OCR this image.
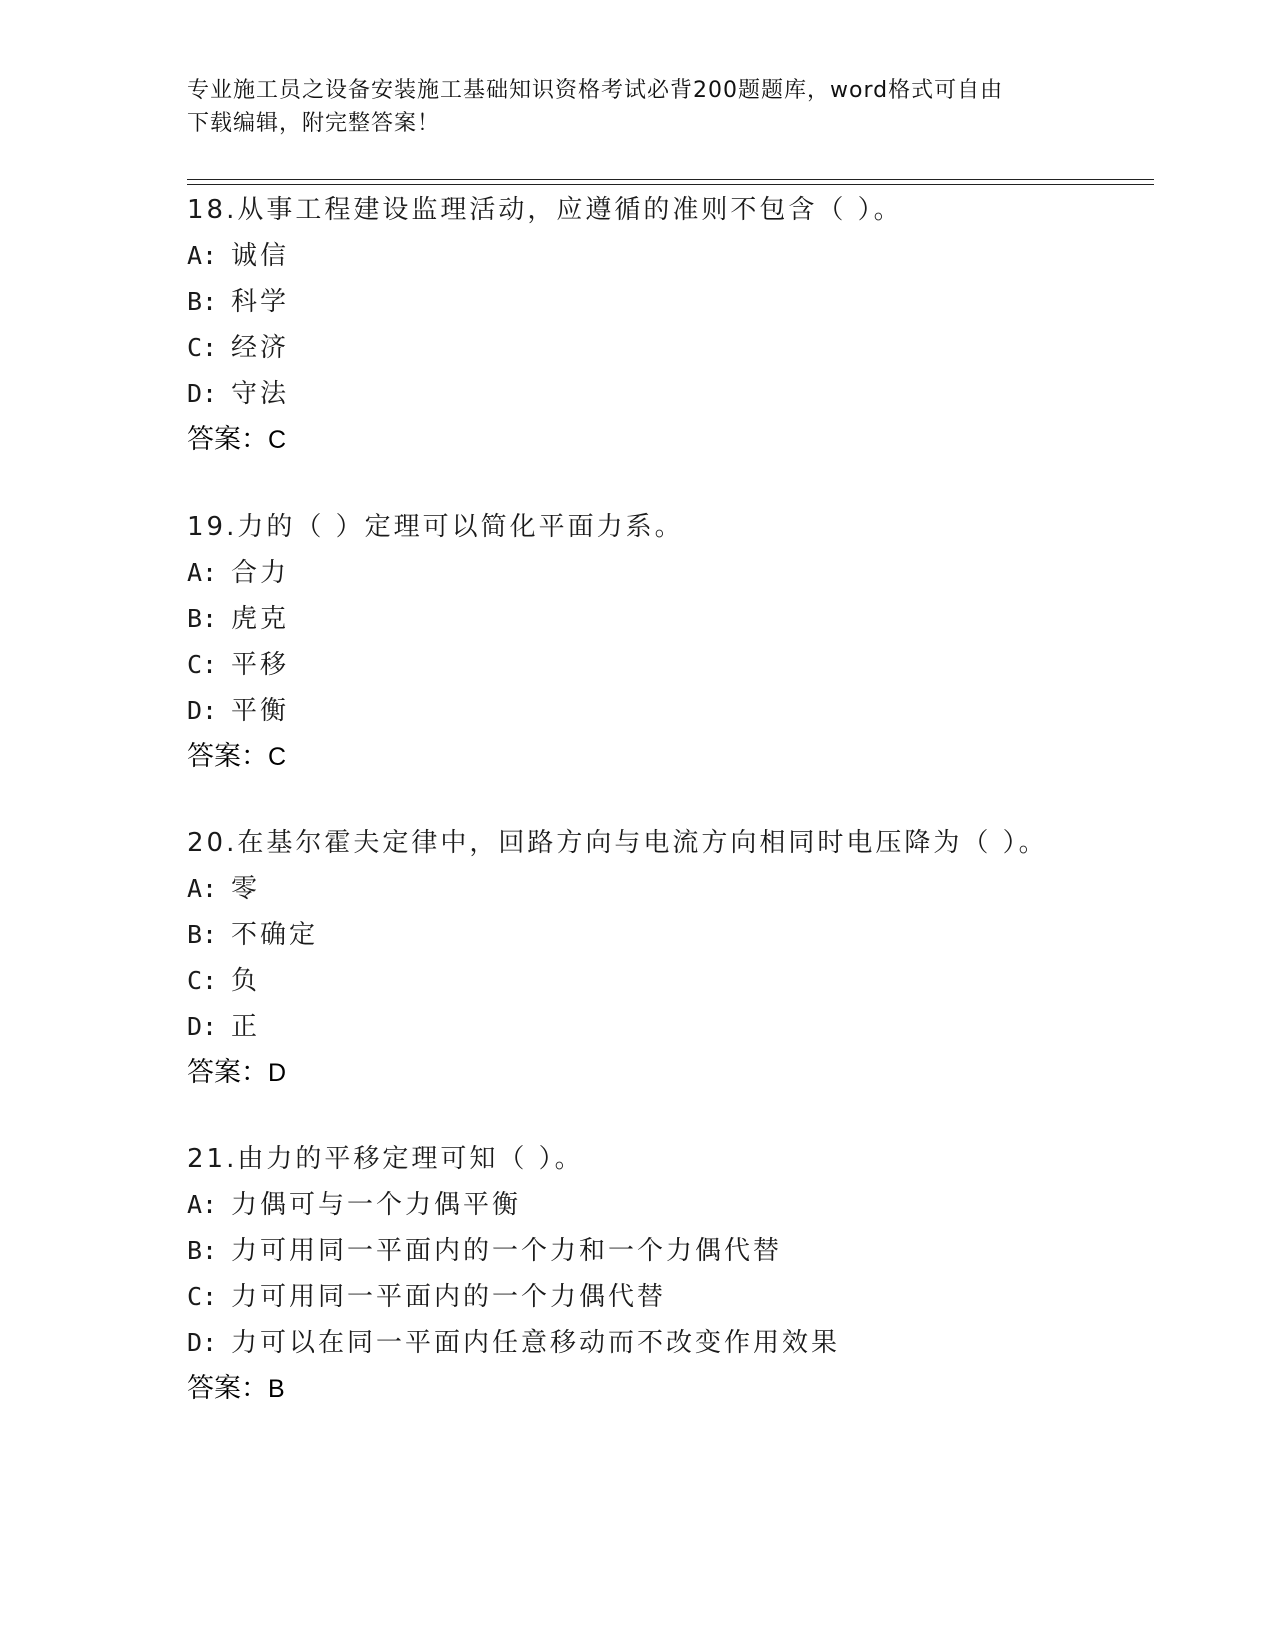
专业施工员之设备安装施工基础知识资格考试必背200题题库，word格式可自由
下载编辑，附完整答案！
18.从事工程建设监理活动，应遵循的准则不包含（ ）。
A: 诚信
B: 科学
C: 经济
D: 守法
答案：C
19.力的（ ）定理可以简化平面力系。
A: 合力
B: 虎克
C: 平移
D: 平衡
答案：C
20.在基尔霍夫定律中，回路方向与电流方向相同时电压降为（ ）。
A: 零
B: 不确定
C: 负
D: 正
答案：D
21.由力的平移定理可知（ ）。
A: 力偶可与一个力偶平衡
B: 力可用同一平面内的一个力和一个力偶代替
C: 力可用同一平面内的一个力偶代替
D: 力可以在同一平面内任意移动而不改变作用效果
答案：B
